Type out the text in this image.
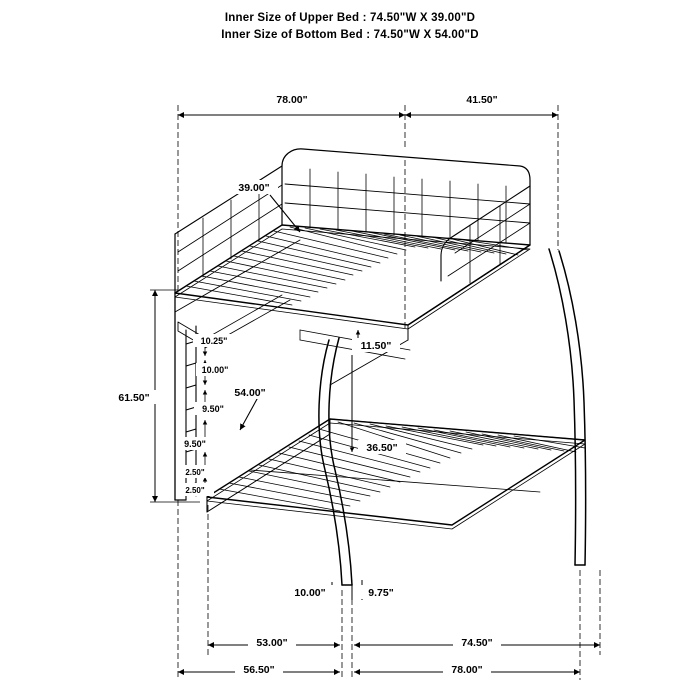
Inner Size of Upper Bed : 74.50"W X 39.00"D
Inner Size of Bottom Bed : 74.50"W X 54.00"D
78.00"	41.50"
39.00"
61.50"
10.25"
10.00"
9.50"
9.50"
2.50"
2.50"
54.00"
11.50"
36.50"
10.00"	9.75"
53.00"	74.50"
56.50"	78.00"
